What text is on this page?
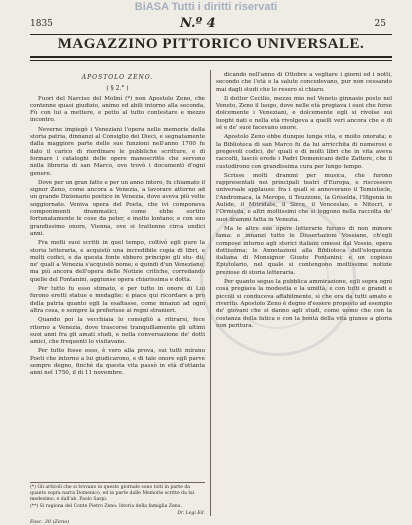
BiASA Tutti i diritti riservati
1835	N.º 4	25
MAGAZZINO PITTORICO UNIVERSALE.
APOSTOLO ZENO.
( § 2.° )

Fuori del Narciso del Moliní (*) non Apostolo Zeno, che contenne quasi giudizio, animo ed abili intorno alla seconda, Fù con lui a mettere, e petto al tutto contestare e mezzo incontro.

Neverne impiegò i Veneziani l'opera nelle memorie della storia patria, dinnanzi al Consiglio dei Dieci, e segnatamente dalla maggiore parte delle sue funzioni nell'anno 1700 fu dato il carico di riordinare le pubbliche scritture, e di formare i cataloghi delle opere manoscritte che servono nella libreria di san Marco, ove trovò i documenti d'ogni genere.

Dove per un gran fatto e per un anno intero, fu chiamato il signor Zeno, come ancora a Venezia, a lavorare attorno ad un grande Dizionario poetico in Venezia, dove aveva più volte soggiornato. Veniva opera del Poeta, che ivi componeva componimenti drammatici, come ebbe sortito fortunatamente le cose da poter, e molto lontano; e con suo grandissimo onore, Vienna, ove si trattenne circa undici anni.

Fra molti suoi scritti in quel tempo, coltivò egli pure la storia letteraria, e acquistò una incredibile copia di libri, e molti codici, e da questa fonte ebbero principio gli stu- dii, ne' quali a Venezia s'acquistò nome; e quindi d'un Veneziano; ma più ancora dell'opera delle Notizie critiche, corredando quelle del Fontanini, aggiunse opera chiarissima e dotta.

Per tutto fu esso stimato, e per tutto in onore di Lui furono eretti statue e medaglie; e piace qui ricordare a pro della patria quanto egli la esaltasse, come innanzi ad ogni altra cosa, e sempre la preferisse ai regni stranieri.

Quando poi la vecchiaia lo consigliò a ritirarsi, fece ritorno a Venezia, dove trascorse tranquillamente gli ultimi suoi anni fra gli amati studi, e nella conversazione de' dotti amici, che frequenti lo visitavano.

Per tutto fosse esso, è vero alla prova, sui tutti mirano Poeti che intorno a lui giudicarono, e di tale onore egli parve sempre degno, finchè da questa vita passò in età d'ottanta anni nel 1750, il dì 11 novembre.

dicando nell'anno di Ottobre a vegliare i giorni ed i notti, secondo che l'età e la salute concedevano, pur non cessando mai dagli studi che lo resero sì chiaro.

Il dottor Cecilio, mezzo mio nel Veneto ginnasio posto nel Veneto, Zeno il luogo, dove nelle età pregiava i suoi che forse dolcemente i Veneziani, e dolcemente egli si rivolse sui luoghi nati e nella età rivolgeva a quelli veri ancora che e di sé e de' suoi facevano onore.

Apostolo Zeno ebbe dunque lunga vita, e molto onorata; e la Biblioteca di san Marco fu da lui arricchita di numerosi e pregevoli codici, de' quali e di molti libri che in vita aveva raccolti, lasciò erede i Padri Domenicani delle Zattere, che li custodirono con grandissima cura per lungo tempo.

Scrisse molti drammi per musica, che furono rappresentati nei principali teatri d'Europa, e riscossero universale applauso: fra i quali si annoverano il Temistocle, l'Andromaca, la Merope, il Teuzzone, la Griselda, l'Ifigenia in Aulide, il Mitridate, il Sirce, il Venceslao, e Nitocri, e l'Ormisda, e altri moltissimi che si leggono nella raccolta de' suoi drammi fatta in Venezia.

Ma le altre sue opere letterarie furono di non minore fama: e innanzi tutto le Dissertazioni Vossiane, ch'egli compose intorno agli storici italiani omessi dal Vossio, opera dottissima; le Annotazioni alla Biblioteca dell'eloquenza italiana di Monsignor Giusto Fontanini; e un copioso Epistolario, nel quale si contengono moltissime notizie preziose di storia letteraria.

Per quanto seguo la pubblica ammirazione, egli sopra ogni cosa pregiava la modestia e la umiltà, e con tutti e grandi e piccoli si conduceva affabilmente, sì che era da tutti amato e riverito. Apostolo Zeno è degno d'essere proposto ad esempio de' giovani che si danno agli studi, come uomo che con la costanza della fatica e con la bontà della vita giunse a gloria non peritura.

(*) Gli articoli che si trovano in questo giornale sono tolti in parte da quanto sopra narra Domenico, ed in parte dalle Memorie scritte da lui medesimo, e dall'ab. Paolo Sarpi.
(**) Si ragiona del Conte Pietro Zeno: Istoria della famiglia Zeno.
Dr. Legi Ed.
Fasc. 30 (Zeno)
